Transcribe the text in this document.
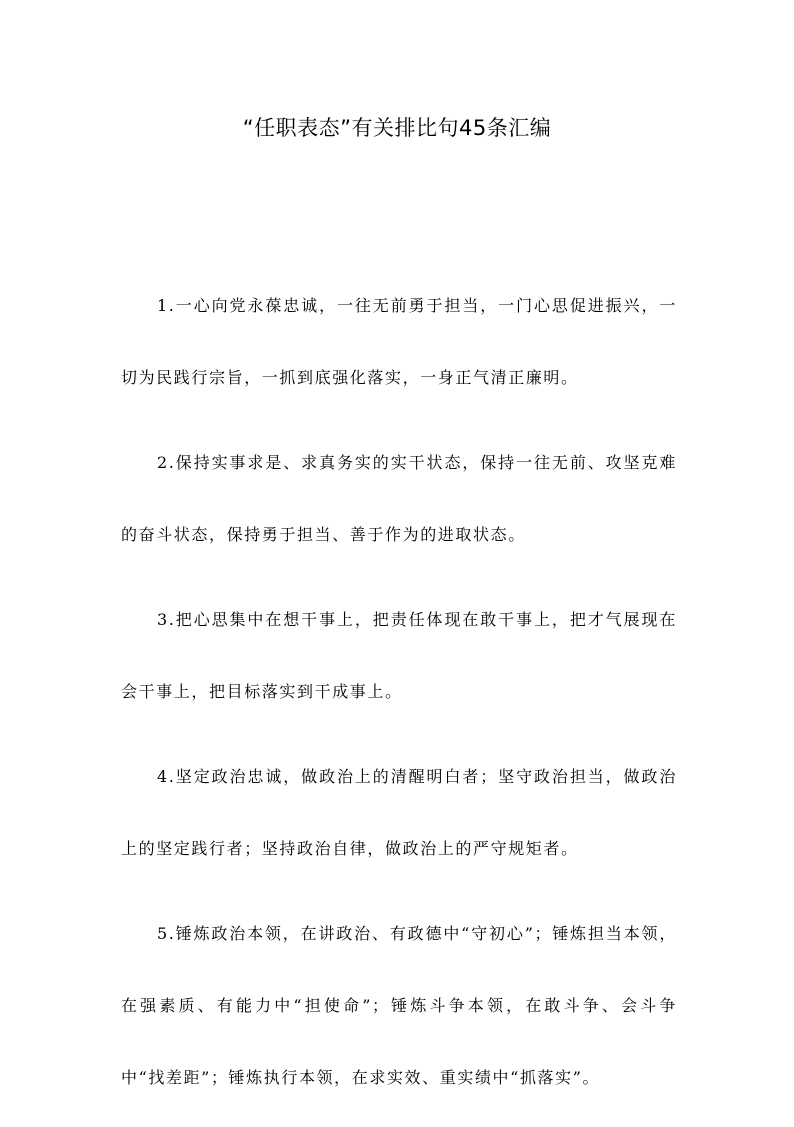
“任职表态”有关排比句45条汇编

1.一心向党永葆忠诚，一往无前勇于担当，一门心思促进振兴，一切为民践行宗旨，一抓到底强化落实，一身正气清正廉明。

2.保持实事求是、求真务实的实干状态，保持一往无前、攻坚克难的奋斗状态，保持勇于担当、善于作为的进取状态。

3.把心思集中在想干事上，把责任体现在敢干事上，把才气展现在会干事上，把目标落实到干成事上。

4.坚定政治忠诚，做政治上的清醒明白者；坚守政治担当，做政治上的坚定践行者；坚持政治自律，做政治上的严守规矩者。

5.锤炼政治本领，在讲政治、有政德中“守初心”；锤炼担当本领，在强素质、有能力中“担使命”；锤炼斗争本领，在敢斗争、会斗争中“找差距”；锤炼执行本领，在求实效、重实绩中“抓落实”。
